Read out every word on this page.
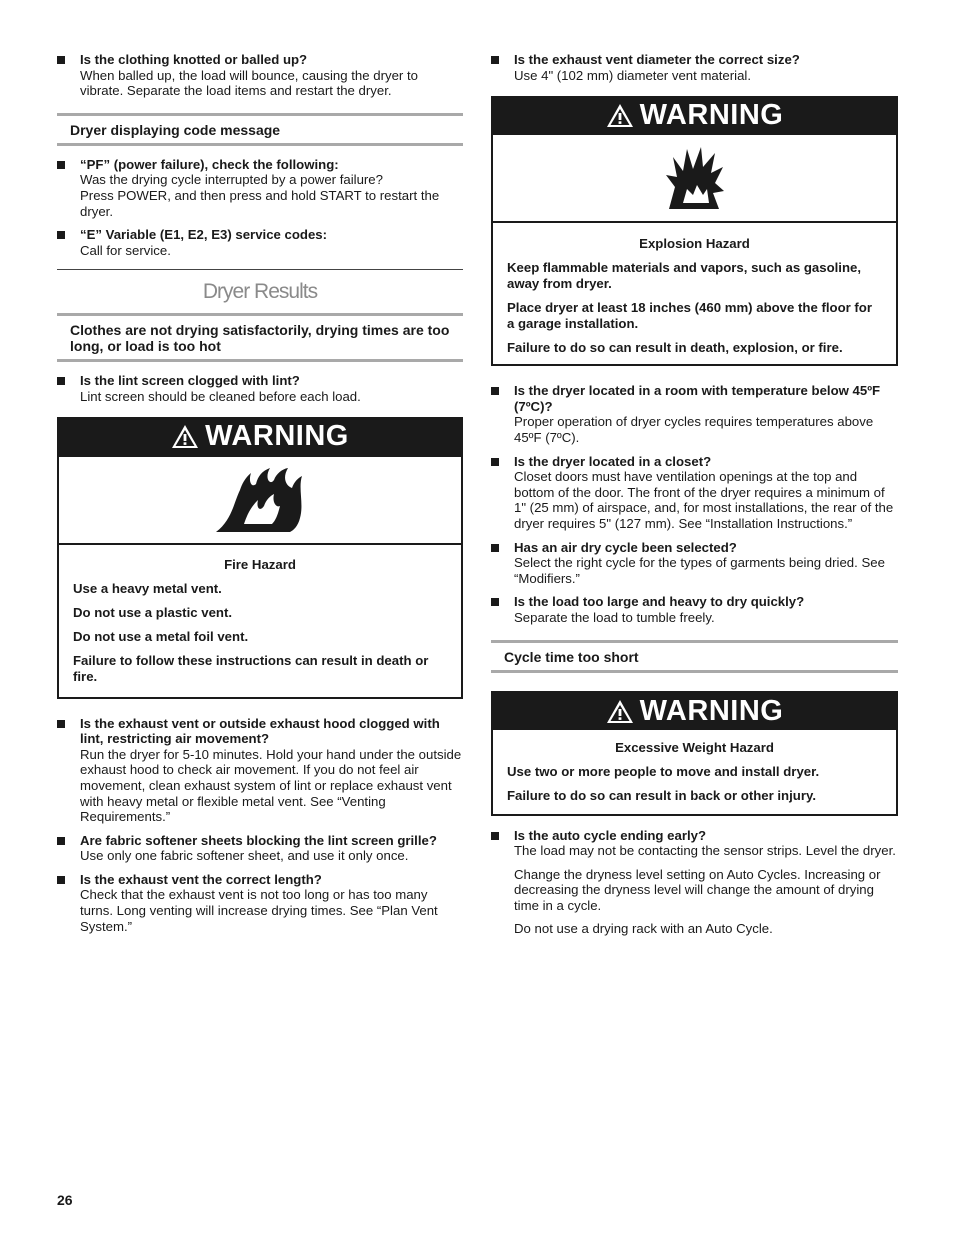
Is the clothing knotted or balled up?

When balled up, the load will bounce, causing the dryer to vibrate. Separate the load items and restart the dryer.

Dryer displaying code message

“PF” (power failure), check the following:

Was the drying cycle interrupted by a power failure?

Press POWER, and then press and hold START to restart the dryer.

“E” Variable (E1, E2, E3) service codes:

Call for service.

Dryer Results
Clothes are not drying satisfactorily, drying times are too long, or load is too hot

Is the lint screen clogged with lint?

Lint screen should be cleaned before each load.

WARNING

Fire Hazard

Use a heavy metal vent.

Do not use a plastic vent.

Do not use a metal foil vent.

Failure to follow these instructions can result in death or fire.

Is the exhaust vent or outside exhaust hood clogged with lint, restricting air movement?

Run the dryer for 5-10 minutes. Hold your hand under the outside exhaust hood to check air movement. If you do not feel air movement, clean exhaust system of lint or replace exhaust vent with heavy metal or flexible metal vent. See “Venting Requirements.”

Are fabric softener sheets blocking the lint screen grille?

Use only one fabric softener sheet, and use it only once.

Is the exhaust vent the correct length?

Check that the exhaust vent is not too long or has too many turns. Long venting will increase drying times. See “Plan Vent System.”

Is the exhaust vent diameter the correct size?

Use 4" (102 mm) diameter vent material.

WARNING

Explosion Hazard

Keep flammable materials and vapors, such as gasoline, away from dryer.

Place dryer at least 18 inches (460 mm) above the floor for a garage installation.

Failure to do so can result in death, explosion, or fire.

Is the dryer located in a room with temperature below 45ºF (7ºC)?

Proper operation of dryer cycles requires temperatures above 45ºF (7ºC).

Is the dryer located in a closet?

Closet doors must have ventilation openings at the top and bottom of the door. The front of the dryer requires a minimum of 1" (25 mm) of airspace, and, for most installations, the rear of the dryer requires 5" (127 mm). See “Installation Instructions.”

Has an air dry cycle been selected?

Select the right cycle for the types of garments being dried. See “Modifiers.”

Is the load too large and heavy to dry quickly?

Separate the load to tumble freely.

Cycle time too short
WARNING

Excessive Weight Hazard

Use two or more people to move and install dryer.

Failure to do so can result in back or other injury.

Is the auto cycle ending early?

The load may not be contacting the sensor strips. Level the dryer.

Change the dryness level setting on Auto Cycles. Increasing or decreasing the dryness level will change the amount of drying time in a cycle.

Do not use a drying rack with an Auto Cycle.

26
